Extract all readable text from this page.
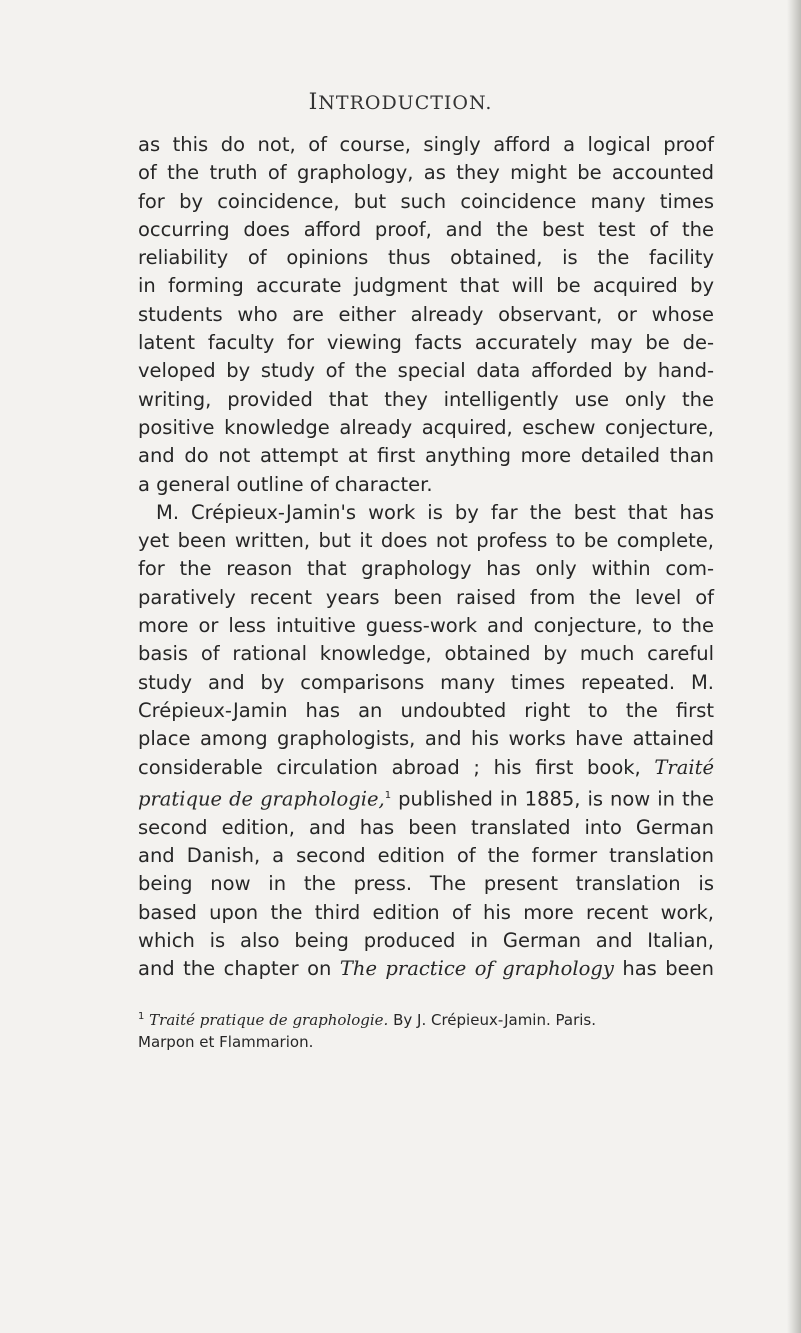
INTRODUCTION.
as this do not, of course, singly afford a logical proof
of the truth of graphology, as they might be accounted
for by coincidence, but such coincidence many times
occurring does afford proof, and the best test of the
reliability of opinions thus obtained, is the facility
in forming accurate judgment that will be acquired by
students who are either already observant, or whose
latent faculty for viewing facts accurately may be de-
veloped by study of the special data afforded by hand-
writing, provided that they intelligently use only the
positive knowledge already acquired, eschew conjecture,
and do not attempt at first anything more detailed than
a general outline of character.
M. Crépieux-Jamin's work is by far the best that has
yet been written, but it does not profess to be complete,
for the reason that graphology has only within com-
paratively recent years been raised from the level of
more or less intuitive guess-work and conjecture, to the
basis of rational knowledge, obtained by much careful
study and by comparisons many times repeated. M.
Crépieux-Jamin has an undoubted right to the first
place among graphologists, and his works have attained
considerable circulation abroad ; his first book, Traité
pratique de graphologie,$^1$ published in 1885, is now in the
second edition, and has been translated into German
and Danish, a second edition of the former translation
being now in the press. The present translation is
based upon the third edition of his more recent work,
which is also being produced in German and Italian,
and the chapter on The practice of graphology has been
$^1$ Traité pratique de graphologie. By J. Crépieux-Jamin. Paris.
Marpon et Flammarion.
